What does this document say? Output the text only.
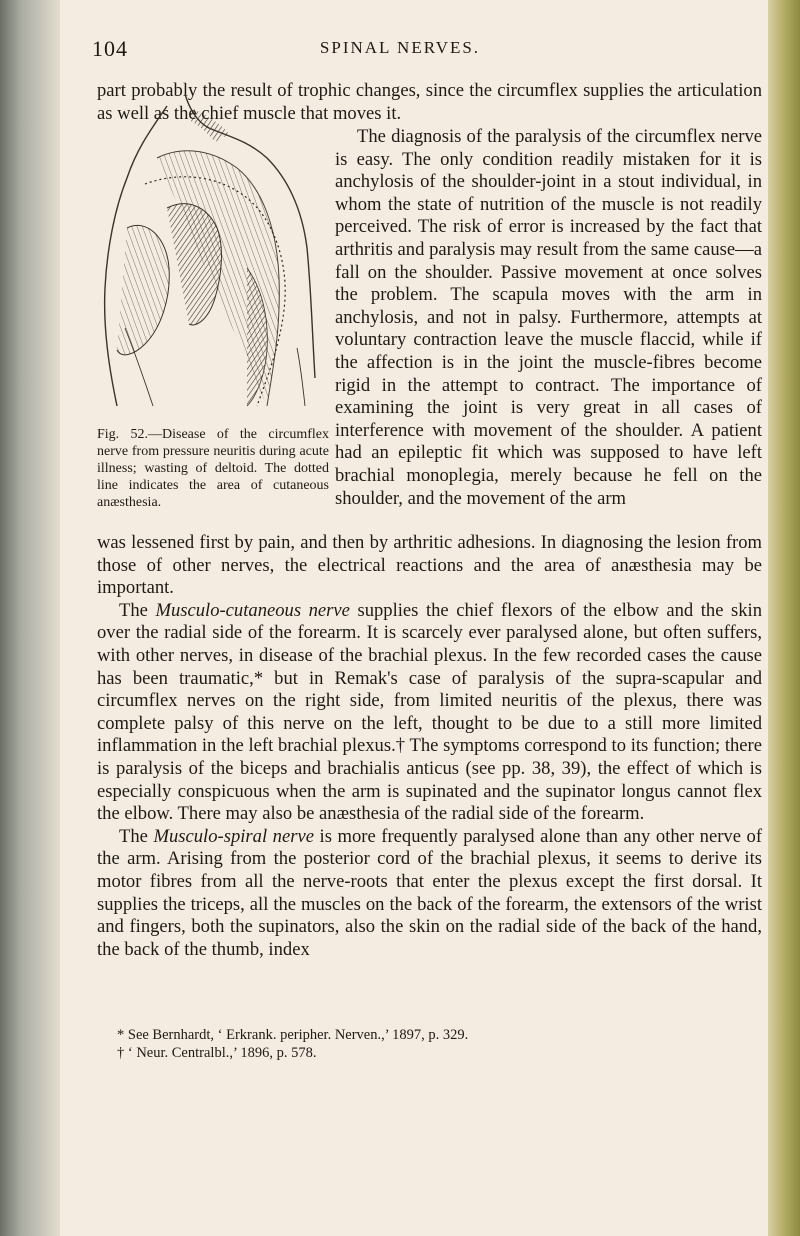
104	SPINAL NERVES.

part probably the result of trophic changes, since the circumflex supplies the articulation as well as the chief muscle that moves it.

Fig. 52.—Disease of the circumflex nerve from pressure neuritis during acute illness; wasting of deltoid. The dotted line indicates the area of cutaneous anæsthesia.

The diagnosis of the paralysis of the circumflex nerve is easy. The only condition readily mistaken for it is anchylosis of the shoulder-joint in a stout individual, in whom the state of nutrition of the muscle is not readily perceived. The risk of error is increased by the fact that arthritis and paralysis may result from the same cause—a fall on the shoulder. Passive movement at once solves the problem. The scapula moves with the arm in anchylosis, and not in palsy. Furthermore, attempts at voluntary contraction leave the muscle flaccid, while if the affection is in the joint the muscle-fibres become rigid in the attempt to contract. The importance of examining the joint is very great in all cases of interference with movement of the shoulder. A patient had an epileptic fit which was supposed to have left brachial monoplegia, merely because he fell on the shoulder, and the movement of the arm

was lessened first by pain, and then by arthritic adhesions. In diagnosing the lesion from those of other nerves, the electrical reactions and the area of anæsthesia may be important.

The Musculo-cutaneous nerve supplies the chief flexors of the elbow and the skin over the radial side of the forearm. It is scarcely ever paralysed alone, but often suffers, with other nerves, in disease of the brachial plexus. In the few recorded cases the cause has been traumatic,* but in Remak's case of paralysis of the supra-scapular and circumflex nerves on the right side, from limited neuritis of the plexus, there was complete palsy of this nerve on the left, thought to be due to a still more limited inflammation in the left brachial plexus.† The symptoms correspond to its function; there is paralysis of the biceps and brachialis anticus (see pp. 38, 39), the effect of which is especially conspicuous when the arm is supinated and the supinator longus cannot flex the elbow. There may also be anæsthesia of the radial side of the forearm.

The Musculo-spiral nerve is more frequently paralysed alone than any other nerve of the arm. Arising from the posterior cord of the brachial plexus, it seems to derive its motor fibres from all the nerve-roots that enter the plexus except the first dorsal. It supplies the triceps, all the muscles on the back of the forearm, the extensors of the wrist and fingers, both the supinators, also the skin on the radial side of the back of the hand, the back of the thumb, index

* See Bernhardt, ‘ Erkrank. peripher. Nerven.,’ 1897, p. 329.

† ‘ Neur. Centralbl.,’ 1896, p. 578.
